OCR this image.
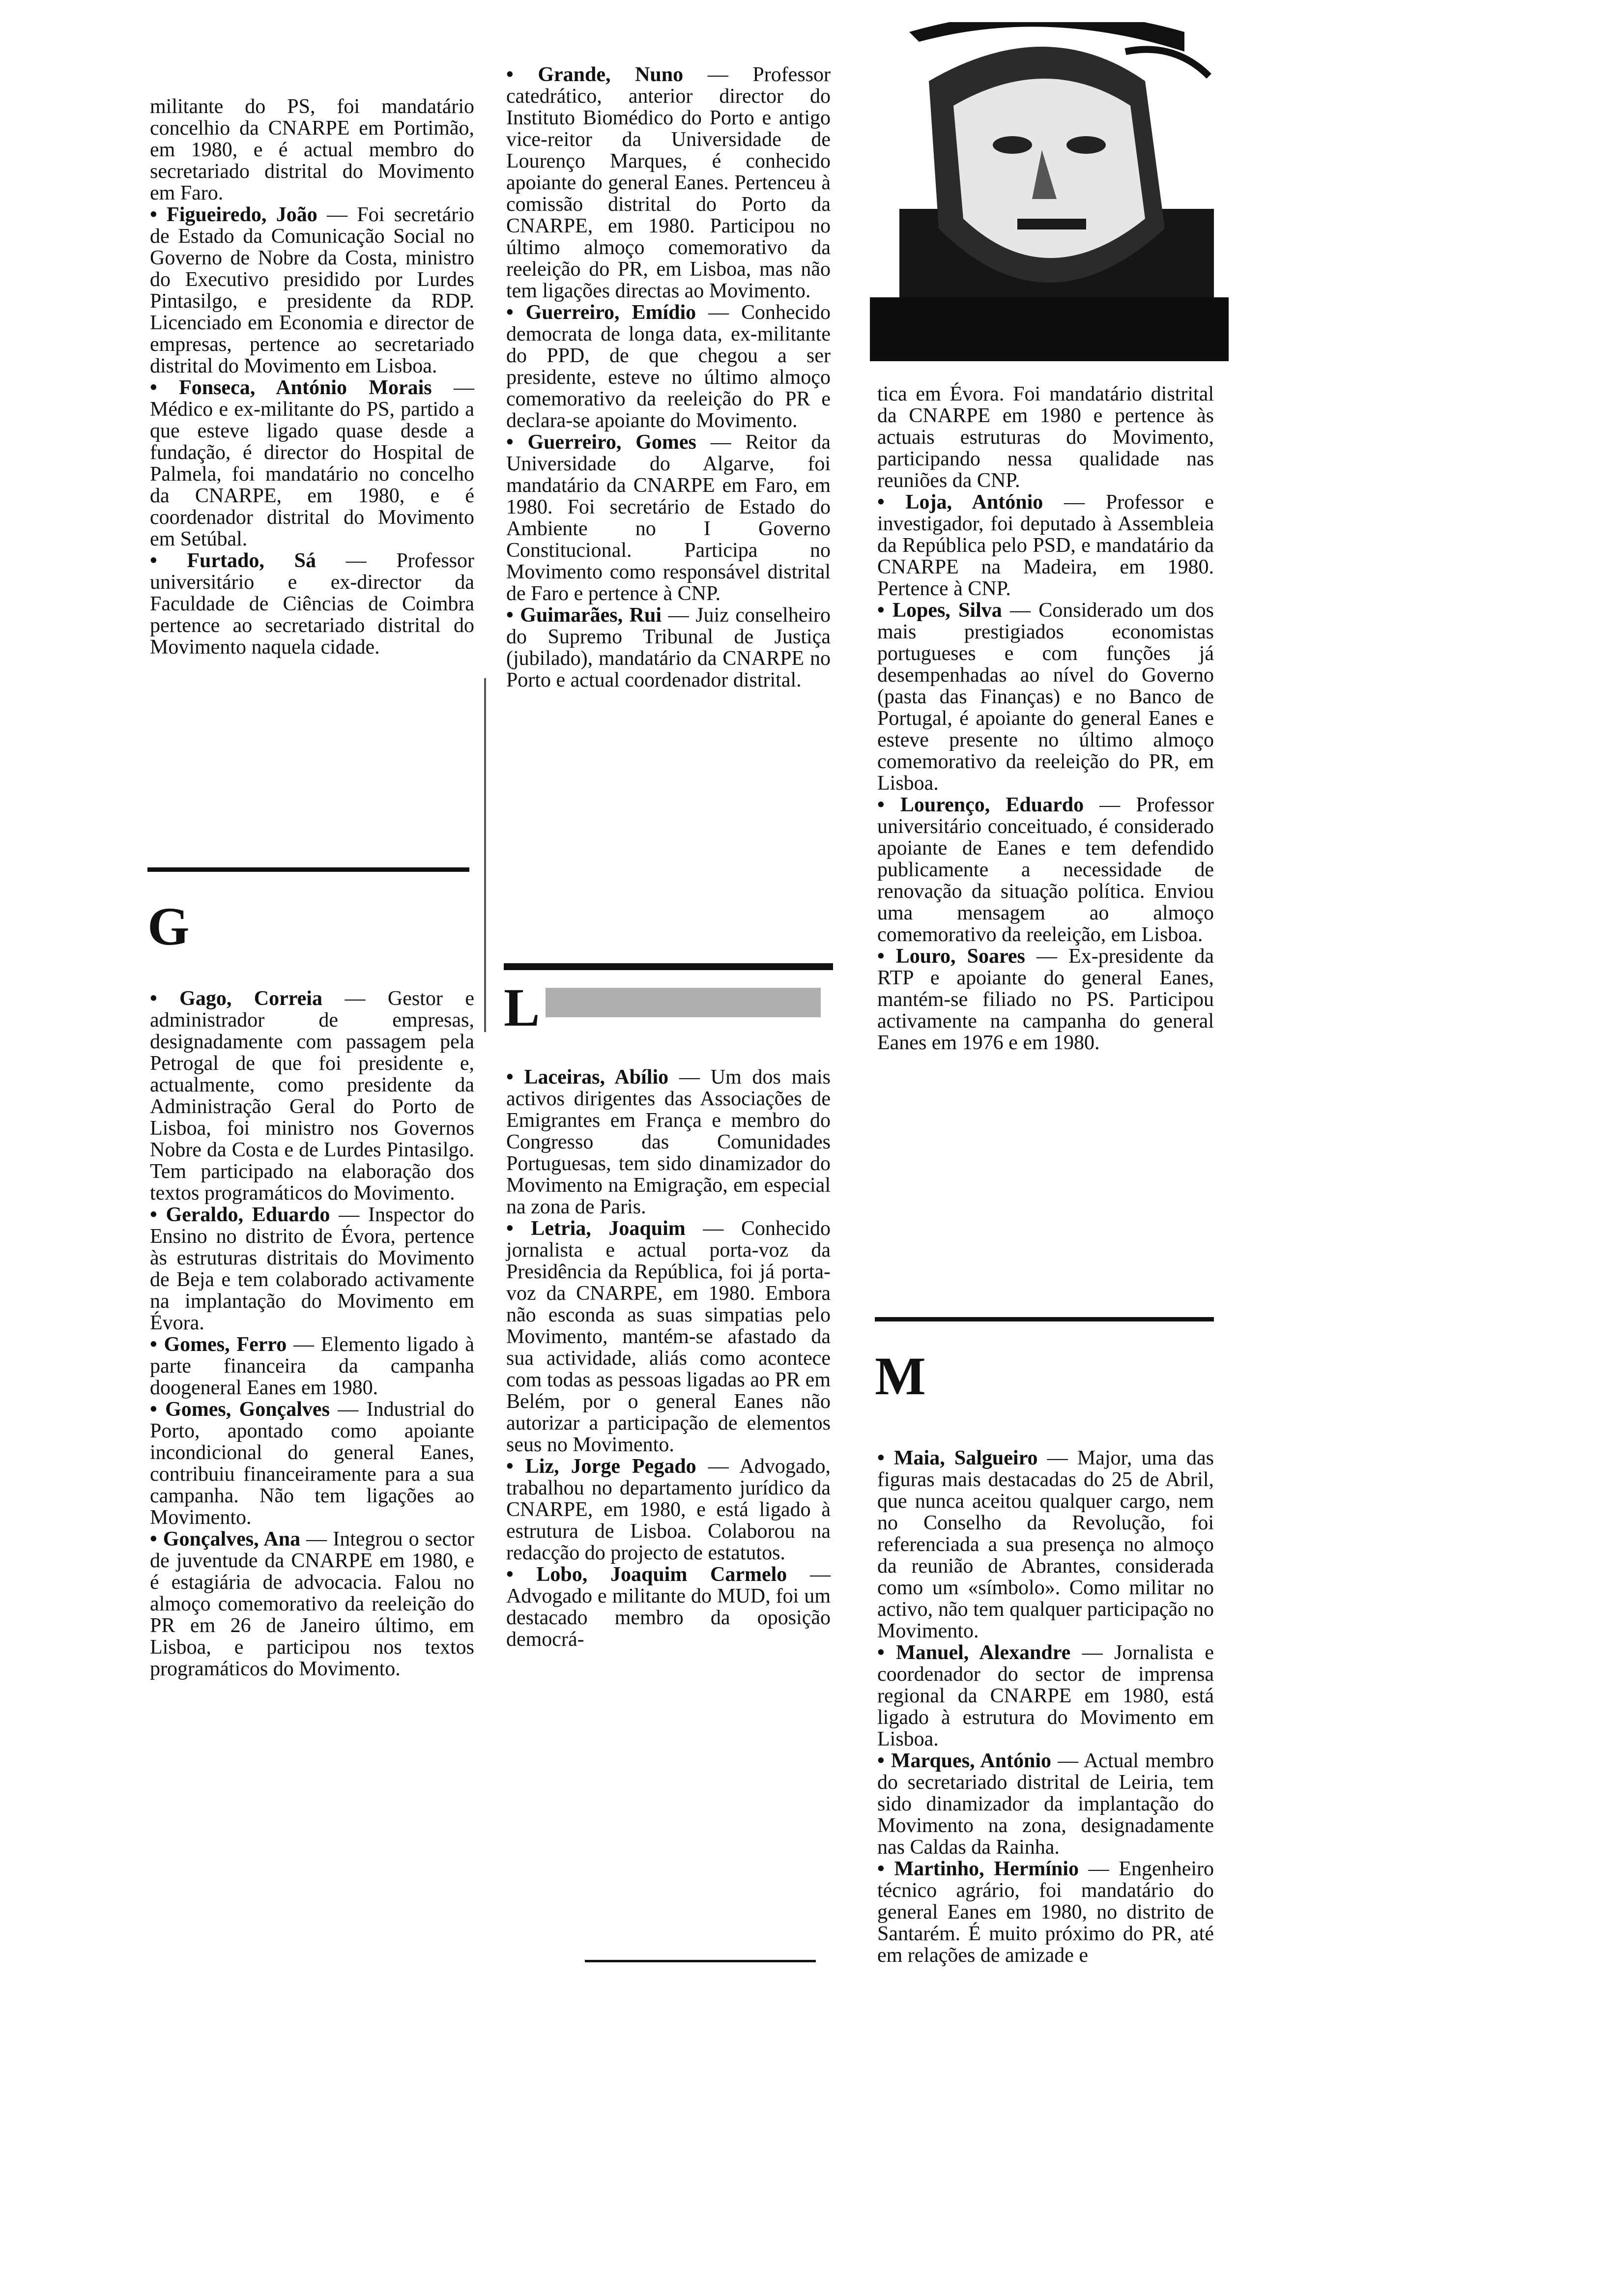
militante do PS, foi mandatário concelhio da CNARPE em Portimão, em 1980, e é actual membro do secretariado distrital do Movimento em Faro.

• Figueiredo, João — Foi secretário de Estado da Comunicação Social no Governo de Nobre da Costa, ministro do Executivo presidido por Lurdes Pintasilgo, e presidente da RDP. Licenciado em Economia e director de empresas, pertence ao secretariado distrital do Movimento em Lisboa.

• Fonseca, António Morais — Médico e ex-militante do PS, partido a que esteve ligado quase desde a fundação, é director do Hospital de Palmela, foi mandatário no concelho da CNARPE, em 1980, e é coordenador distrital do Movimento em Setúbal.

• Furtado, Sá — Professor universitário e ex-director da Faculdade de Ciências de Coimbra pertence ao secretariado distrital do Movimento naquela cidade.

G

• Gago, Correia — Gestor e administrador de empresas, designadamente com passagem pela Petrogal de que foi presidente e, actualmente, como presidente da Administração Geral do Porto de Lisboa, foi ministro nos Governos Nobre da Costa e de Lurdes Pintasilgo. Tem participado na elaboração dos textos programáticos do Movimento.

• Geraldo, Eduardo — Inspector do Ensino no distrito de Évora, pertence às estruturas distritais do Movimento de Beja e tem colaborado activamente na implantação do Movimento em Évora.

• Gomes, Ferro — Elemento ligado à parte financeira da campanha doogeneral Eanes em 1980.

• Gomes, Gonçalves — Industrial do Porto, apontado como apoiante incondicional do general Eanes, contribuiu financeiramente para a sua campanha. Não tem ligações ao Movimento.

• Gonçalves, Ana — Integrou o sector de juventude da CNARPE em 1980, e é estagiária de advocacia. Falou no almoço comemorativo da reeleição do PR em 26 de Janeiro último, em Lisboa, e participou nos textos programáticos do Movimento.

• Grande, Nuno — Professor catedrático, anterior director do Instituto Biomédico do Porto e antigo vice-reitor da Universidade de Lourenço Marques, é conhecido apoiante do general Eanes. Pertenceu à comissão distrital do Porto da CNARPE, em 1980. Participou no último almoço comemorativo da reeleição do PR, em Lisboa, mas não tem ligações directas ao Movimento.

• Guerreiro, Emídio — Conhecido democrata de longa data, ex-militante do PPD, de que chegou a ser presidente, esteve no último almoço comemorativo da reeleição do PR e declara-se apoiante do Movimento.

• Guerreiro, Gomes — Reitor da Universidade do Algarve, foi mandatário da CNARPE em Faro, em 1980. Foi secretário de Estado do Ambiente no I Governo Constitucional. Participa no Movimento como responsável distrital de Faro e pertence à CNP.

• Guimarães, Rui — Juiz conselheiro do Supremo Tribunal de Justiça (jubilado), mandatário da CNARPE no Porto e actual coordenador distrital.

L

• Laceiras, Abílio — Um dos mais activos dirigentes das Associações de Emigrantes em França e membro do Congresso das Comunidades Portuguesas, tem sido dinamizador do Movimento na Emigração, em especial na zona de Paris.

• Letria, Joaquim — Conhecido jornalista e actual porta-voz da Presidência da República, foi já porta-voz da CNARPE, em 1980. Embora não esconda as suas simpatias pelo Movimento, mantém-se afastado da sua actividade, aliás como acontece com todas as pessoas ligadas ao PR em Belém, por o general Eanes não autorizar a participação de elementos seus no Movimento.

• Liz, Jorge Pegado — Advogado, trabalhou no departamento jurídico da CNARPE, em 1980, e está ligado à estrutura de Lisboa. Colaborou na redacção do projecto de estatutos.

• Lobo, Joaquim Carmelo — Advogado e militante do MUD, foi um destacado membro da oposição democrá-

tica em Évora. Foi mandatário distrital da CNARPE em 1980 e pertence às actuais estruturas do Movimento, participando nessa qualidade nas reuniões da CNP.

• Loja, António — Professor e investigador, foi deputado à Assembleia da República pelo PSD, e mandatário da CNARPE na Madeira, em 1980. Pertence à CNP.

• Lopes, Silva — Considerado um dos mais prestigiados economistas portugueses e com funções já desempenhadas ao nível do Governo (pasta das Finanças) e no Banco de Portugal, é apoiante do general Eanes e esteve presente no último almoço comemorativo da reeleição do PR, em Lisboa.

• Lourenço, Eduardo — Professor universitário conceituado, é considerado apoiante de Eanes e tem defendido publicamente a necessidade de renovação da situação política. Enviou uma mensagem ao almoço comemorativo da reeleição, em Lisboa.

• Louro, Soares — Ex-presidente da RTP e apoiante do general Eanes, mantém-se filiado no PS. Participou activamente na campanha do general Eanes em 1976 e em 1980.

M

• Maia, Salgueiro — Major, uma das figuras mais destacadas do 25 de Abril, que nunca aceitou qualquer cargo, nem no Conselho da Revolução, foi referenciada a sua presença no almoço da reunião de Abrantes, considerada como um «símbolo». Como militar no activo, não tem qualquer participação no Movimento.

• Manuel, Alexandre — Jornalista e coordenador do sector de imprensa regional da CNARPE em 1980, está ligado à estrutura do Movimento em Lisboa.

• Marques, António — Actual membro do secretariado distrital de Leiria, tem sido dinamizador da implantação do Movimento na zona, designadamente nas Caldas da Rainha.

• Martinho, Hermínio — Engenheiro técnico agrário, foi mandatário do general Eanes em 1980, no distrito de Santarém. É muito próximo do PR, até em relações de amizade e
